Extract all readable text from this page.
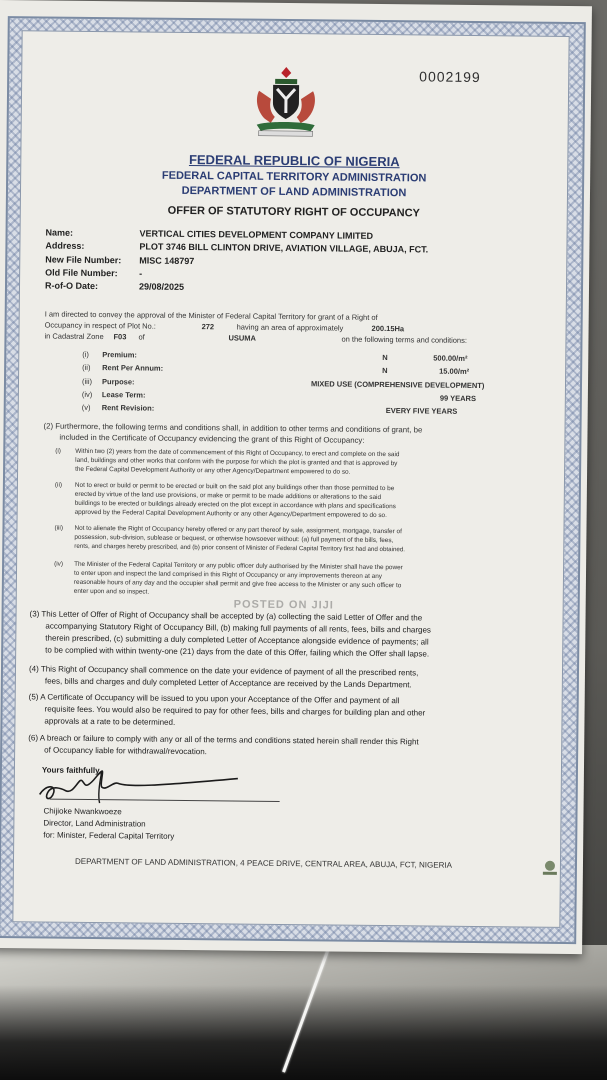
0002199
FEDERAL REPUBLIC OF NIGERIA
FEDERAL CAPITAL TERRITORY ADMINISTRATION
DEPARTMENT OF LAND ADMINISTRATION
OFFER OF STATUTORY RIGHT OF OCCUPANCY
Name:	VERTICAL CITIES DEVELOPMENT COMPANY LIMITED
Address:	PLOT 3746 BILL CLINTON DRIVE, AVIATION VILLAGE, ABUJA, FCT.
New File Number: MISC 148797
Old File Number: -
R-of-O Date:	29/08/2025
I am directed to convey the approval of the Minister of Federal Capital Territory for grant of a Right of
Occupancy in respect of Plot No.:	272	having an area of approximately	200.15Ha
in Cadastral Zone F03 of	USUMA	on the following terms and conditions:
(i) Premium:	N	500.00/m²
(ii) Rent Per Annum:	N	15.00/m²
(iii) Purpose:	MIXED USE (COMPREHENSIVE DEVELOPMENT)
(iv) Lease Term:	99 YEARS
(v) Rent Revision:	EVERY FIVE YEARS
(2) Furthermore, the following terms and conditions shall, in addition to other terms and conditions of grant, be
included in the Certificate of Occupancy evidencing the grant of this Right of Occupancy:
(i) Within two (2) years from the date of commencement of this Right of Occupancy, to erect and complete on the said
land, buildings and other works that conform with the purpose for which the plot is granted and that is approved by
the Federal Capital Development Authority or any other Agency/Department empowered to do so.
(ii) Not to erect or build or permit to be erected or built on the said plot any buildings other than those permitted to be
erected by virtue of the land use provisions, or make or permit to be made additions or alterations to the said
buildings to be erected or buildings already erected on the plot except in accordance with plans and specifications
approved by the Federal Capital Development Authority or any other Agency/Department empowered to do so.
(iii) Not to alienate the Right of Occupancy hereby offered or any part thereof by sale, assignment, mortgage, transfer of
possession, sub-division, sublease or bequest, or otherwise howsoever without: (a) full payment of the bills, fees,
rents, and charges hereby prescribed, and (b) prior consent of Minister of Federal Capital Territory first had and obtained.
(iv) The Minister of the Federal Capital Territory or any public officer duly authorised by the Minister shall have the power
to enter upon and inspect the land comprised in this Right of Occupancy or any improvements thereon at any
reasonable hours of any day and the occupier shall permit and give free access to the Minister or any such officer to
enter upon and so inspect.
(3) This Letter of Offer of Right of Occupancy shall be accepted by (a) collecting the said Letter of Offer and the
accompanying Statutory Right of Occupancy Bill, (b) making full payments of all rents, fees, bills and charges
therein prescribed, (c) submitting a duly completed Letter of Acceptance alongside evidence of payments; all
to be complied with within twenty-one (21) days from the date of this Offer, failing which the Offer shall lapse.
(4) This Right of Occupancy shall commence on the date your evidence of payment of all the prescribed rents,
fees, bills and charges and duly completed Letter of Acceptance are received by the Lands Department.
(5) A Certificate of Occupancy will be issued to you upon your Acceptance of the Offer and payment of all
requisite fees. You would also be required to pay for other fees, bills and charges for building plan and other
approvals at a rate to be determined.
(6) A breach or failure to comply with any or all of the terms and conditions stated herein shall render this Right
of Occupancy liable for withdrawal/revocation.
POSTED ON JIJI
Yours faithfully,
Chijioke Nwankwoeze
Director, Land Administration
for: Minister, Federal Capital Territory
DEPARTMENT OF LAND ADMINISTRATION, 4 PEACE DRIVE, CENTRAL AREA, ABUJA, FCT, NIGERIA
